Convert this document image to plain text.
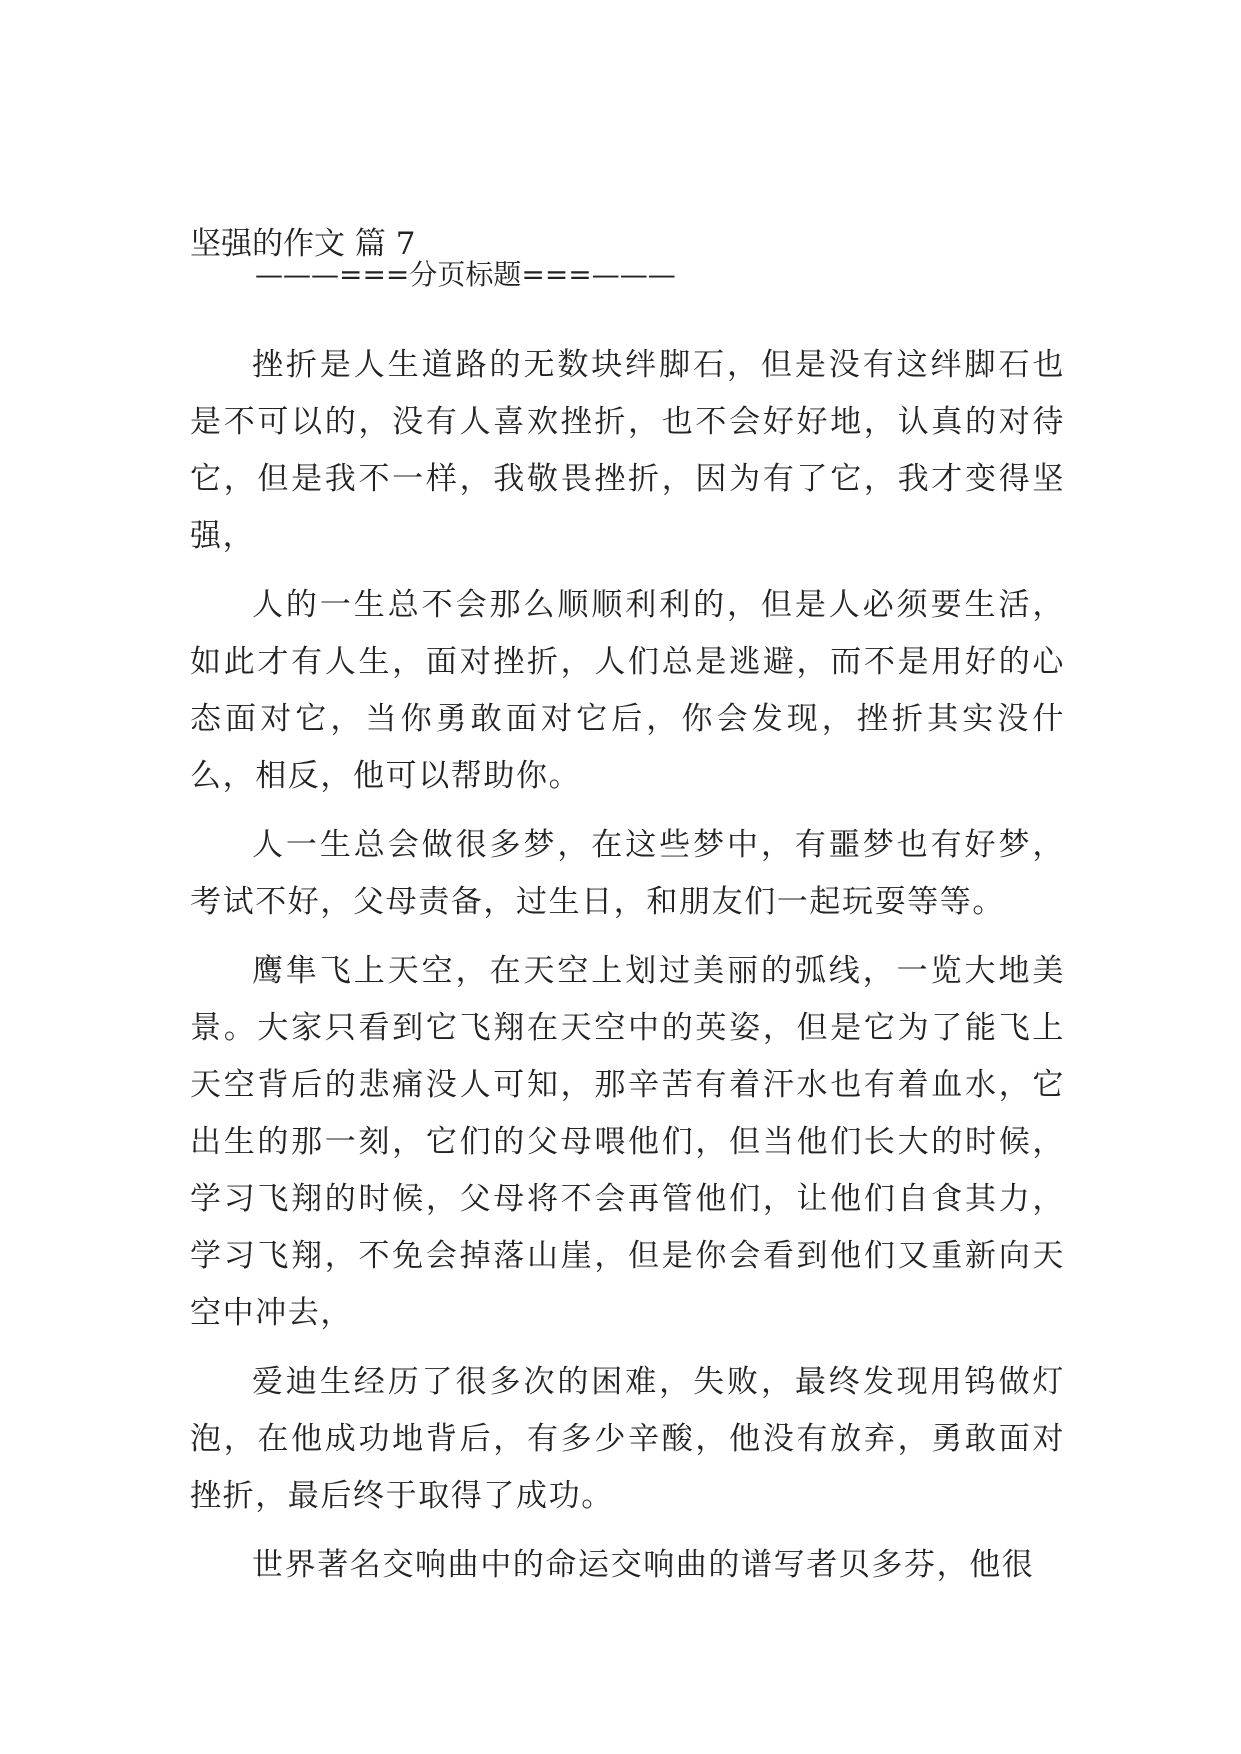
坚强的作文 篇 7
———===分页标题===———

挫折是人生道路的无数块绊脚石，但是没有这绊脚石也是不可以的，没有人喜欢挫折，也不会好好地，认真的对待它，但是我不一样，我敬畏挫折，因为有了它，我才变得坚强，

人的一生总不会那么顺顺利利的，但是人必须要生活，如此才有人生，面对挫折，人们总是逃避，而不是用好的心态面对它，当你勇敢面对它后，你会发现，挫折其实没什么，相反，他可以帮助你。

人一生总会做很多梦，在这些梦中，有噩梦也有好梦，考试不好，父母责备，过生日，和朋友们一起玩耍等等。

鹰隼飞上天空，在天空上划过美丽的弧线，一览大地美景。大家只看到它飞翔在天空中的英姿，但是它为了能飞上天空背后的悲痛没人可知，那辛苦有着汗水也有着血水，它出生的那一刻，它们的父母喂他们，但当他们长大的时候，学习飞翔的时候，父母将不会再管他们，让他们自食其力，学习飞翔，不免会掉落山崖，但是你会看到他们又重新向天空中冲去，

爱迪生经历了很多次的困难，失败，最终发现用钨做灯泡，在他成功地背后，有多少辛酸，他没有放弃，勇敢面对挫折，最后终于取得了成功。

世界著名交响曲中的命运交响曲的谱写者贝多芬，他很
